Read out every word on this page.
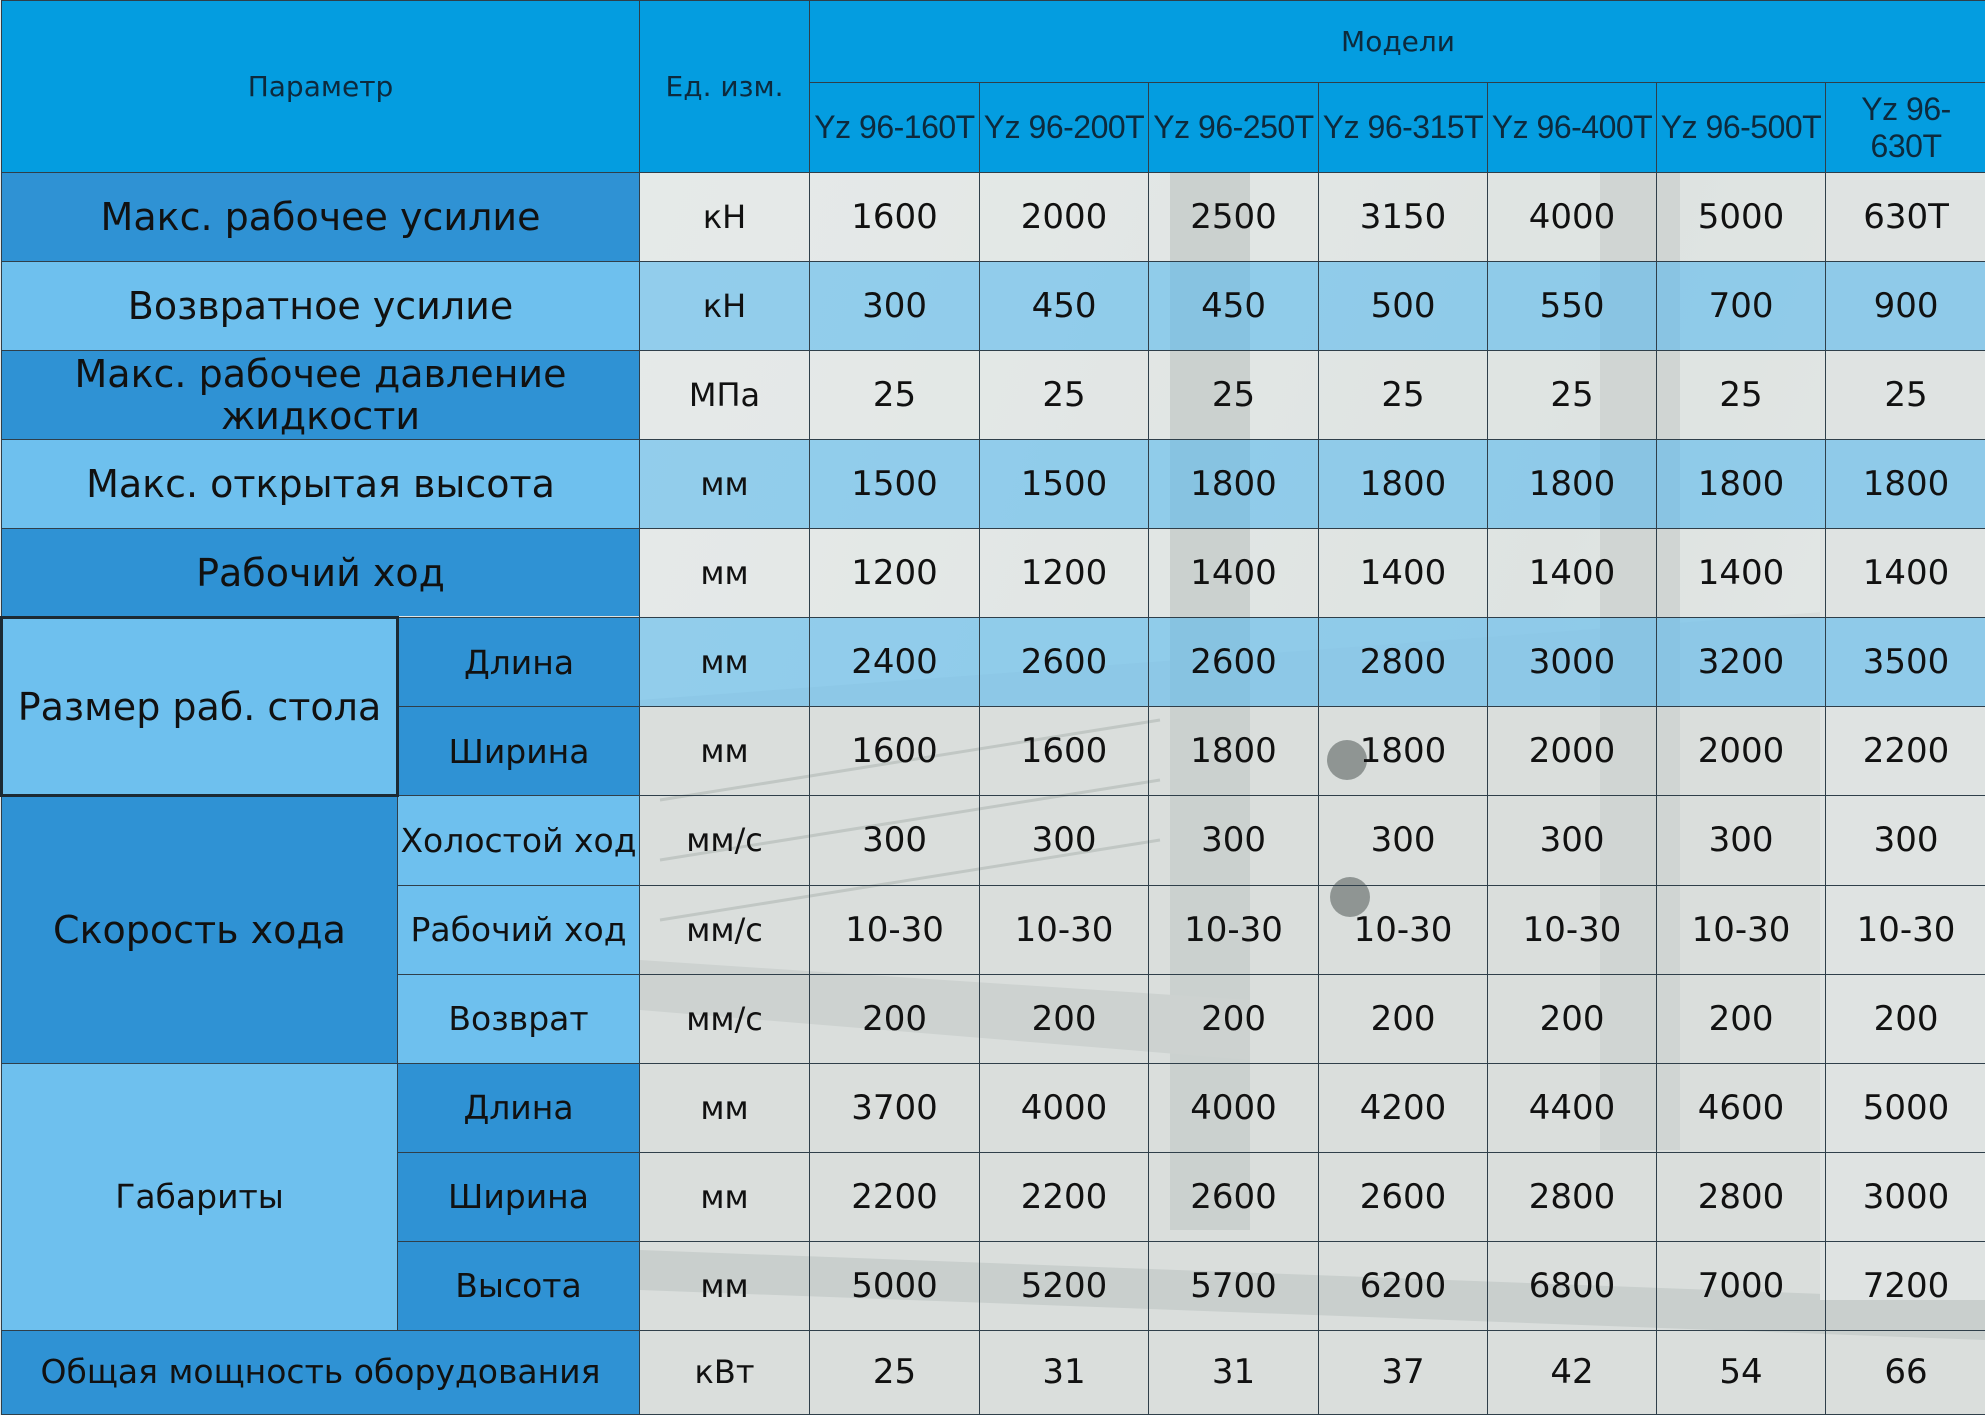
Параметр		Ед. изм.	Модели						
			Yz 96-160T	Yz 96-200T	Yz 96-250T	Yz 96-315T	Yz 96-400T	Yz 96-500T	Yz 96-630T
Макс. рабочее усилие		кН	1600	2000	2500	3150	4000	5000	630T
Возвратное усилие		кН	300	450	450	500	550	700	900
Макс. рабочее давление жидкости		МПа	25	25	25	25	25	25	25
Макс. открытая высота		мм	1500	1500	1800	1800	1800	1800	1800
Рабочий ход		мм	1200	1200	1400	1400	1400	1400	1400
Размер раб. стола	Длина	мм	2400	2600	2600	2800	3000	3200	3500
	Ширина	мм	1600	1600	1800	1800	2000	2000	2200
Скорость хода	Холостой ход	мм/с	300	300	300	300	300	300	300
	Рабочий ход	мм/с	10-30	10-30	10-30	10-30	10-30	10-30	10-30
	Возврат	мм/с	200	200	200	200	200	200	200
Габариты	Длина	мм	3700	4000	4000	4200	4400	4600	5000
	Ширина	мм	2200	2200	2600	2600	2800	2800	3000
	Высота	мм	5000	5200	5700	6200	6800	7000	7200
Общая мощность оборудования		кВт	25	31	31	37	42	54	66
